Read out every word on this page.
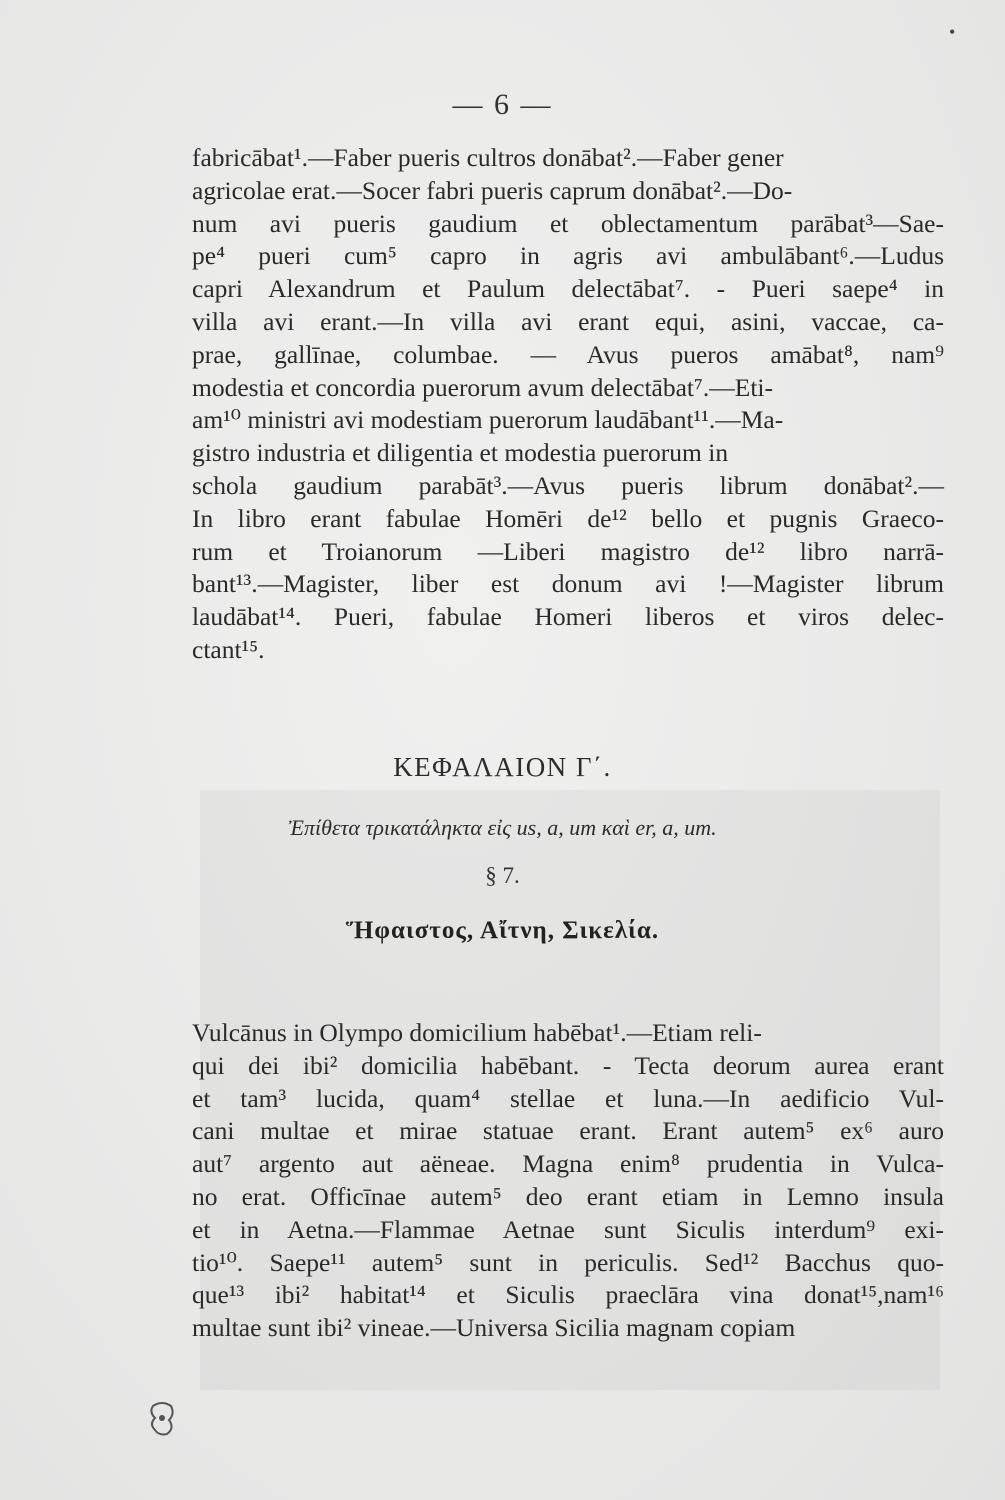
•
— 6 —
fabricābat¹.—Faber pueris cultros donābat².—Faber gener
agricolae erat.—Socer fabri pueris caprum donābat².—Do-
num avi pueris gaudium et oblectamentum parābat³—Sae-
pe⁴ pueri cum⁵ capro in agris avi ambulābant⁶.—Ludus
capri Alexandrum et Paulum delectābat⁷. - Pueri saepe⁴ in
villa avi erant.—In villa avi erant equi, asini, vaccae, ca-
prae, gallīnae, columbae. — Avus pueros amābat⁸, nam⁹
modestia et concordia puerorum avum delectābat⁷.—Eti-
am¹⁰ ministri avi modestiam puerorum laudābant¹¹.—Ma-
gistro industria et diligentia et modestia puerorum in
schola gaudium parabāt³.—Avus pueris librum donābat².—
In libro erant fabulae Homēri de¹² bello et pugnis Graeco-
rum et Troianorum —Liberi magistro de¹² libro narrā-
bant¹³.—Magister, liber est donum avi !—Magister librum
laudābat¹⁴. Pueri, fabulae Homeri liberos et viros delec-
ctant¹⁵.
ΚΕΦΑΛΑΙΟΝ Γ΄.
Ἐπίθετα τρικατάληκτα εἰς us, a, um καὶ er, a, um.
§ 7.
Ἥφαιστος, Αἴτνη, Σικελία.
Vulcānus in Olympo domicilium habēbat¹.—Etiam reli-
qui dei ibi² domicilia habēbant. - Tecta deorum aurea erant
et tam³ lucida, quam⁴ stellae et luna.—In aedificio Vul-
cani multae et mirae statuae erant. Erant autem⁵ ex⁶ auro
aut⁷ argento aut aëneae. Magna enim⁸ prudentia in Vulca-
no erat. Officīnae autem⁵ deo erant etiam in Lemno insula
et in Aetna.—Flammae Aetnae sunt Siculis interdum⁹ exi-
tio¹⁰. Saepe¹¹ autem⁵ sunt in periculis. Sed¹² Bacchus quo-
que¹³ ibi² habitat¹⁴ et Siculis praeclāra vina donat¹⁵,nam¹⁶
multae sunt ibi² vineae.—Universa Sicilia magnam copiam
